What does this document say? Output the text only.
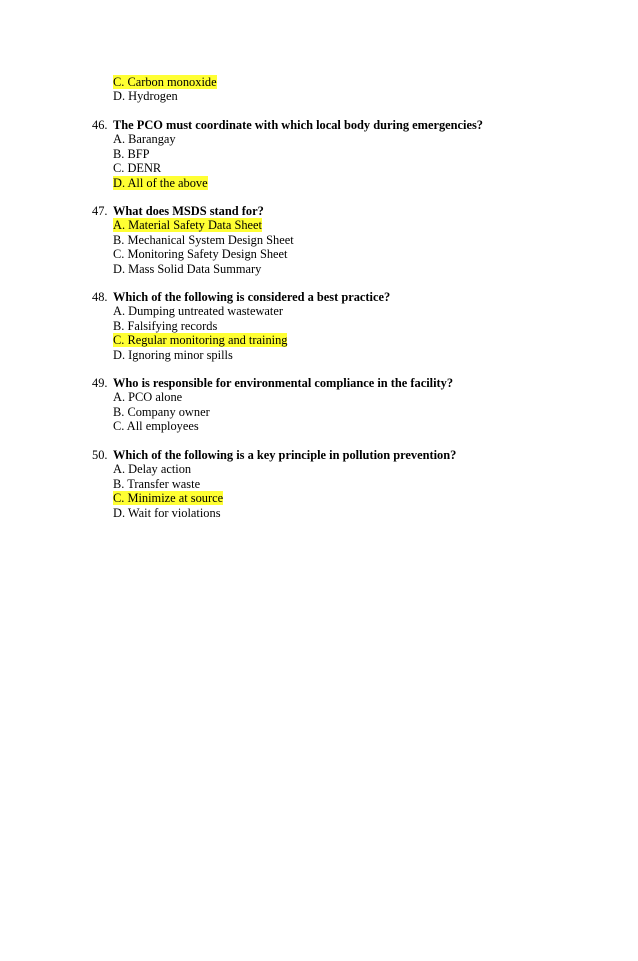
C. Carbon monoxide
D. Hydrogen
46. The PCO must coordinate with which local body during emergencies?
A. Barangay
B. BFP
C. DENR
D. All of the above
47. What does MSDS stand for?
A. Material Safety Data Sheet
B. Mechanical System Design Sheet
C. Monitoring Safety Design Sheet
D. Mass Solid Data Summary
48. Which of the following is considered a best practice?
A. Dumping untreated wastewater
B. Falsifying records
C. Regular monitoring and training
D. Ignoring minor spills
49. Who is responsible for environmental compliance in the facility?
A. PCO alone
B. Company owner
C. All employees
50. Which of the following is a key principle in pollution prevention?
A. Delay action
B. Transfer waste
C. Minimize at source
D. Wait for violations
